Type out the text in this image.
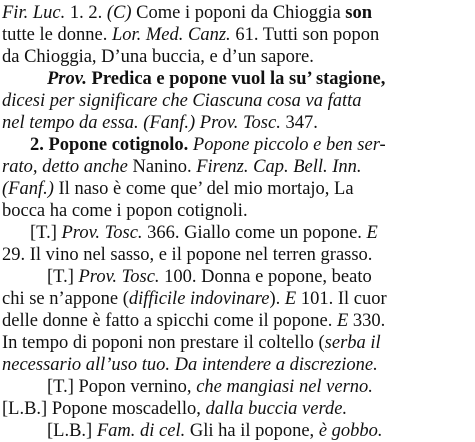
Fir. Luc. 1. 2. (C) Come i poponi da Chioggia son
tutte le donne. Lor. Med. Canz. 61. Tutti son popon
da Chioggia, D’una buccia, e d’un sapore.
Prov. Predica e popone vuol la su’ stagione,
dicesi per significare che Ciascuna cosa va fatta
nel tempo da essa. (Fanf.) Prov. Tosc. 347.
2. Popone cotignolo. Popone piccolo e ben ser-
rato, detto anche Nanino. Firenz. Cap. Bell. Inn.
(Fanf.) Il naso è come que’ del mio mortajo, La
bocca ha come i popon cotignoli.
[T.] Prov. Tosc. 366. Giallo come un popone. E
29. Il vino nel sasso, e il popone nel terren grasso.
[T.] Prov. Tosc. 100. Donna e popone, beato
chi se n’appone (difficile indovinare). E 101. Il cuor
delle donne è fatto a spicchi come il popone. E 330.
In tempo di poponi non prestare il coltello (serba il
necessario all’uso tuo. Da intendere a discrezione.
[T.] Popon vernino, che mangiasi nel verno.
[L.B.] Popone moscadello, dalla buccia verde.
[L.B.] Fam. di cel. Gli ha il popone, è gobbo.
